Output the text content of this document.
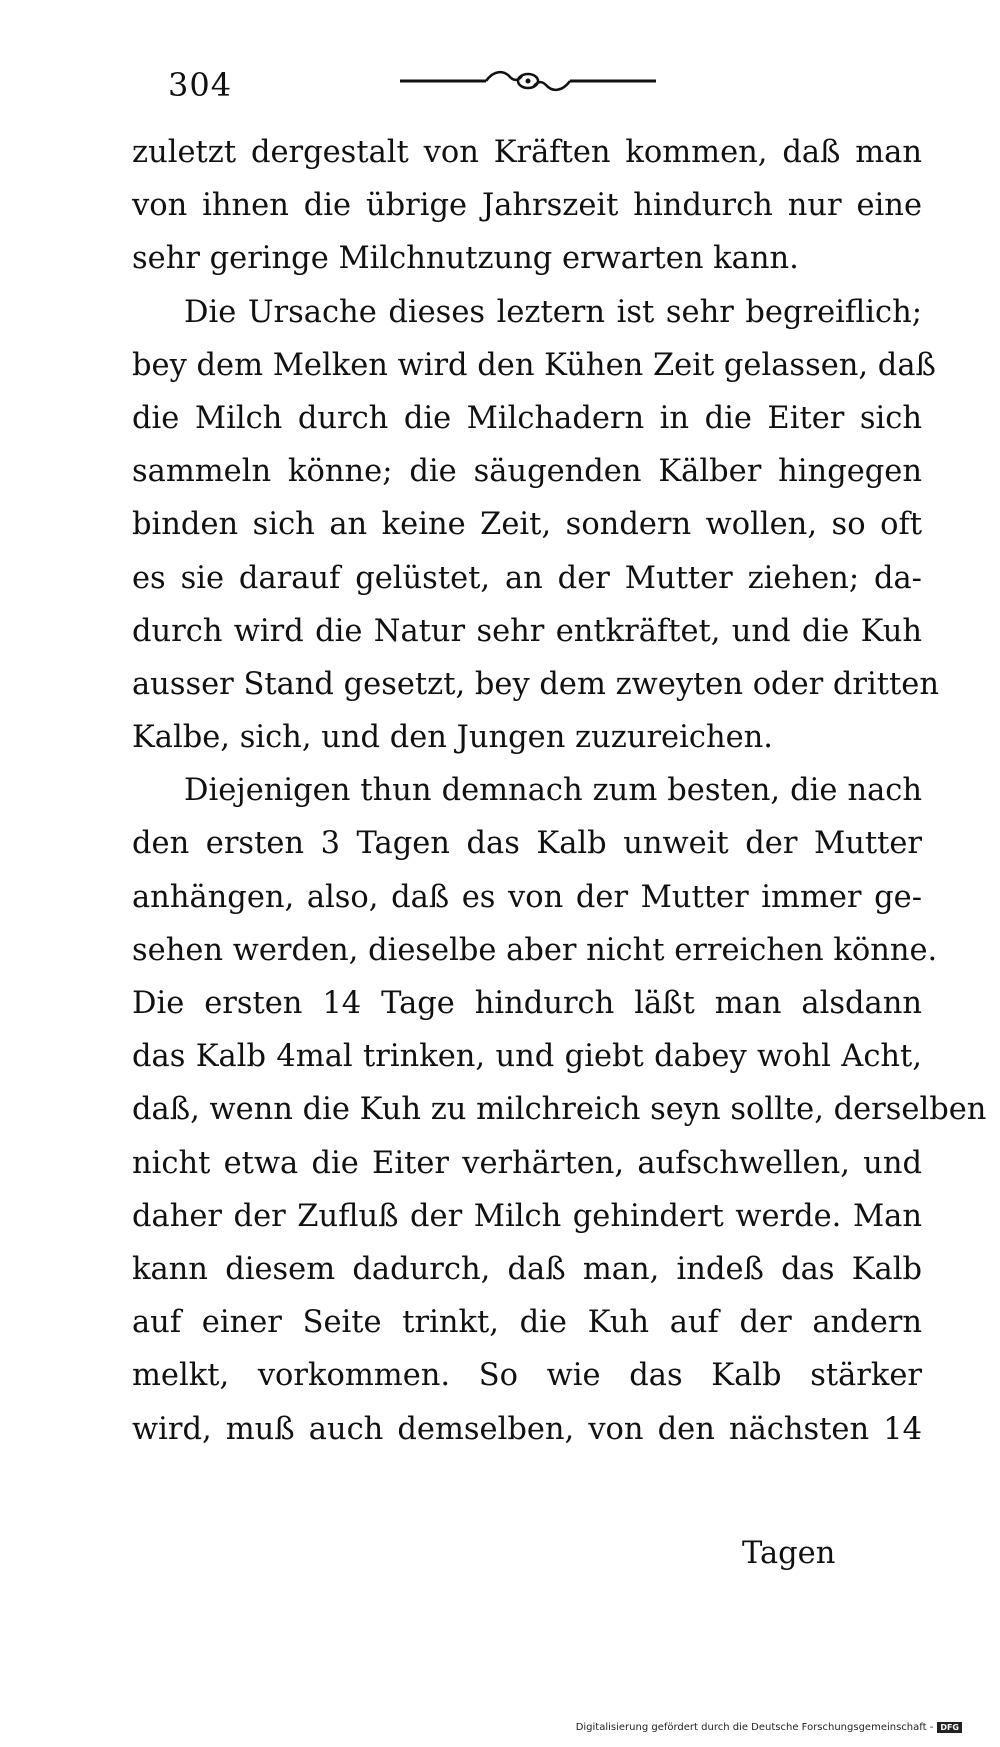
304
zuletzt dergestalt von Kräften kommen, daß man
von ihnen die übrige Jahrszeit hindurch nur eine
sehr geringe Milchnutzung erwarten kann.
Die Ursache dieses leztern ist sehr begreiflich;
bey dem Melken wird den Kühen Zeit gelassen, daß
die Milch durch die Milchadern in die Eiter sich
sammeln könne; die säugenden Kälber hingegen
binden sich an keine Zeit, sondern wollen, so oft
es sie darauf gelüstet, an der Mutter ziehen; da-
durch wird die Natur sehr entkräftet, und die Kuh
ausser Stand gesetzt, bey dem zweyten oder dritten
Kalbe, sich, und den Jungen zuzureichen.
Diejenigen thun demnach zum besten, die nach
den ersten 3 Tagen das Kalb unweit der Mutter
anhängen, also, daß es von der Mutter immer ge-
sehen werden, dieselbe aber nicht erreichen könne.
Die ersten 14 Tage hindurch läßt man alsdann
das Kalb 4mal trinken, und giebt dabey wohl Acht,
daß, wenn die Kuh zu milchreich seyn sollte, derselben
nicht etwa die Eiter verhärten, aufschwellen, und
daher der Zufluß der Milch gehindert werde. Man
kann diesem dadurch, daß man, indeß das Kalb
auf einer Seite trinkt, die Kuh auf der andern
melkt, vorkommen. So wie das Kalb stärker
wird, muß auch demselben, von den nächsten 14
Tagen
Digitalisierung gefördert durch die Deutsche Forschungsgemeinschaft - DFG
